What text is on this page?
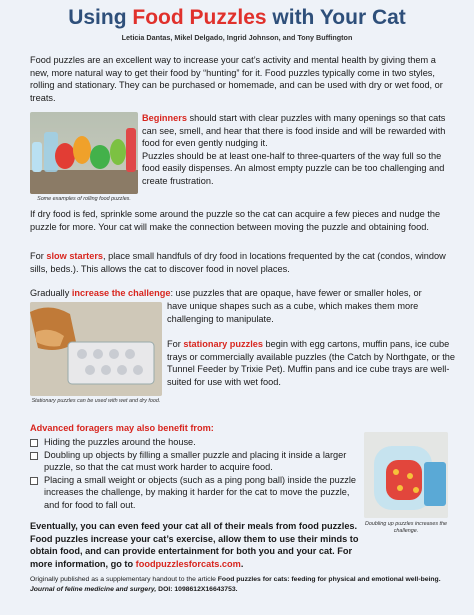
Using Food Puzzles with Your Cat
Leticia Dantas, Mikel Delgado, Ingrid Johnson, and Tony Buffington
Food puzzles are an excellent way to increase your cat’s activity and mental health by giving them a new, more natural way to get their food by “hunting” for it. Food puzzles typically come in two styles, rolling and stationary. They can be purchased or homemade, and can be used with dry or wet food, or treats.
Some examples of rolling food puzzles.
Beginners should start with clear puzzles with many openings so that cats can see, smell, and hear that there is food inside and will be rewarded with food for even gently nudging it.
Puzzles should be at least one-half to three-quarters of the way full so the food easily dispenses. An almost empty puzzle can be too challenging and create frustration.
If dry food is fed, sprinkle some around the puzzle so the cat can acquire a few pieces and nudge the puzzle for more. Your cat will make the connection between moving the puzzle and obtaining food.
For slow starters, place small handfuls of dry food in locations frequented by the cat (condos, window sills, beds.). This allows the cat to discover food in novel places.
Gradually increase the challenge: use puzzles that are opaque, have fewer or smaller holes, or
have unique shapes such as a cube, which makes them more challenging to manipulate.
Stationary puzzles can be used with wet and dry food.
For stationary puzzles begin with egg cartons, muffin pans, ice cube trays or commercially available puzzles (the Catch by Northgate, or the Tunnel Feeder by Trixie Pet). Muffin pans and ice cube trays are well-suited for use with wet food.
Advanced foragers may also benefit from:
Hiding the puzzles around the house.
Doubling up objects by filling a smaller puzzle and placing it inside a larger puzzle, so that the cat must work harder to acquire food.
Placing a small weight or objects (such as a ping pong ball) inside the puzzle increases the challenge, by making it harder for the cat to move the puzzle, and for food to fall out.
Doubling up puzzles increases the challenge.
Eventually, you can even feed your cat all of their meals from food puzzles. Food puzzles increase your cat’s exercise, allow them to use their minds to obtain food, and can provide entertainment for both you and your cat. For more information, go to foodpuzzlesforcats.com.
Originally published as a supplementary handout to the article Food puzzles for cats: feeding for physical and emotional well-being. Journal of feline medicine and surgery, DOI: 1098612X16643753.
